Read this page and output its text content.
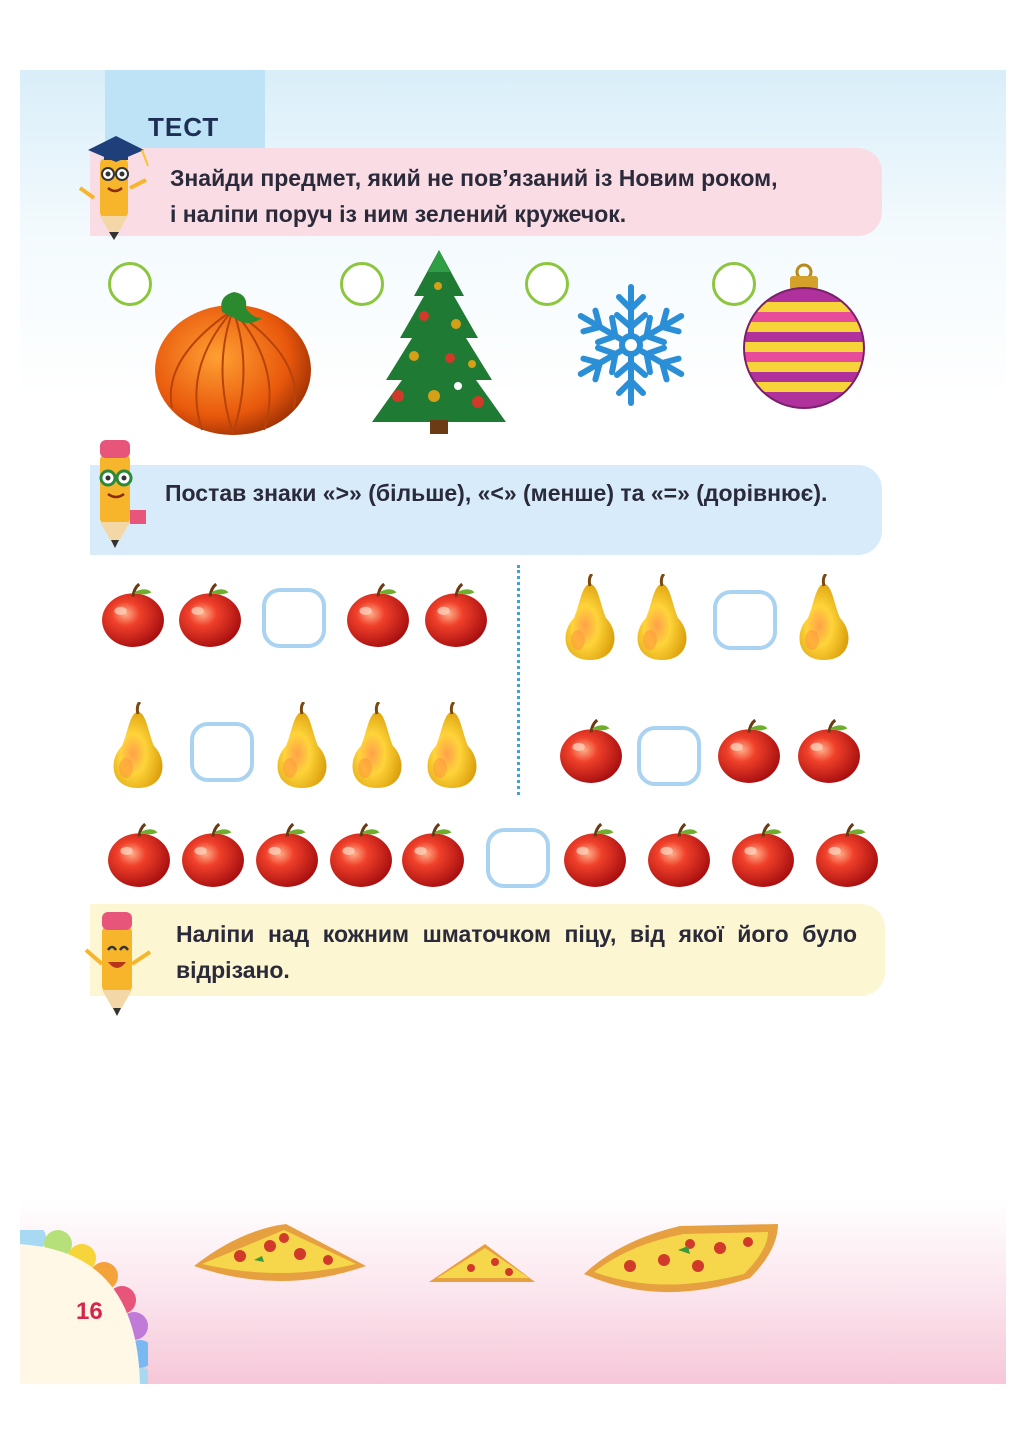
ТЕСТ
Знайди предмет, який не пов’язаний із Новим роком,
і наліпи поруч із ним зелений кружечок.
Постав знаки «>» (більше), «<» (менше) та «=» (дорівнює).
Наліпи над кожним шматочком піцу, від якої його було відрізано.
16
